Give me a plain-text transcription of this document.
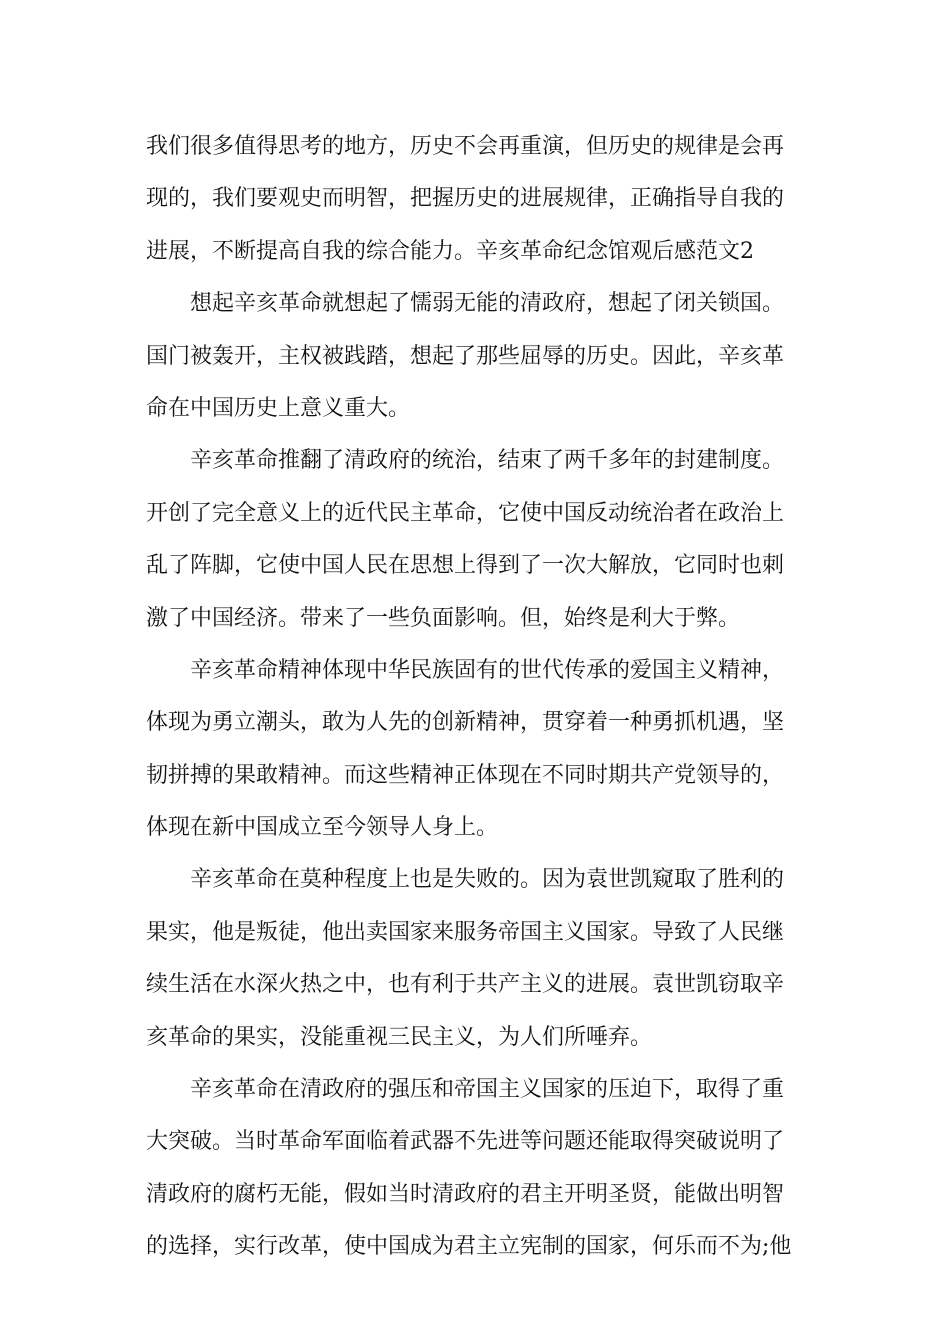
我们很多值得思考的地方，历史不会再重演，但历史的规律是会再
现的，我们要观史而明智，把握历史的进展规律，正确指导自我的
进展，不断提高自我的综合能力。辛亥革命纪念馆观后感范文2
想起辛亥革命就想起了懦弱无能的清政府，想起了闭关锁国。
国门被轰开，主权被践踏，想起了那些屈辱的历史。因此，辛亥革
命在中国历史上意义重大。
辛亥革命推翻了清政府的统治，结束了两千多年的封建制度。
开创了完全意义上的近代民主革命，它使中国反动统治者在政治上
乱了阵脚，它使中国人民在思想上得到了一次大解放，它同时也刺
激了中国经济。带来了一些负面影响。但，始终是利大于弊。
辛亥革命精神体现中华民族固有的世代传承的爱国主义精神，
体现为勇立潮头，敢为人先的创新精神，贯穿着一种勇抓机遇，坚
韧拼搏的果敢精神。而这些精神正体现在不同时期共产党领导的，
体现在新中国成立至今领导人身上。
辛亥革命在莫种程度上也是失败的。因为袁世凯窥取了胜利的
果实，他是叛徒，他出卖国家来服务帝国主义国家。导致了人民继
续生活在水深火热之中，也有利于共产主义的进展。袁世凯窃取辛
亥革命的果实，没能重视三民主义，为人们所唾弃。
辛亥革命在清政府的强压和帝国主义国家的压迫下，取得了重
大突破。当时革命军面临着武器不先进等问题还能取得突破说明了
清政府的腐朽无能，假如当时清政府的君主开明圣贤，能做出明智
的选择，实行改革，使中国成为君主立宪制的国家，何乐而不为;他
